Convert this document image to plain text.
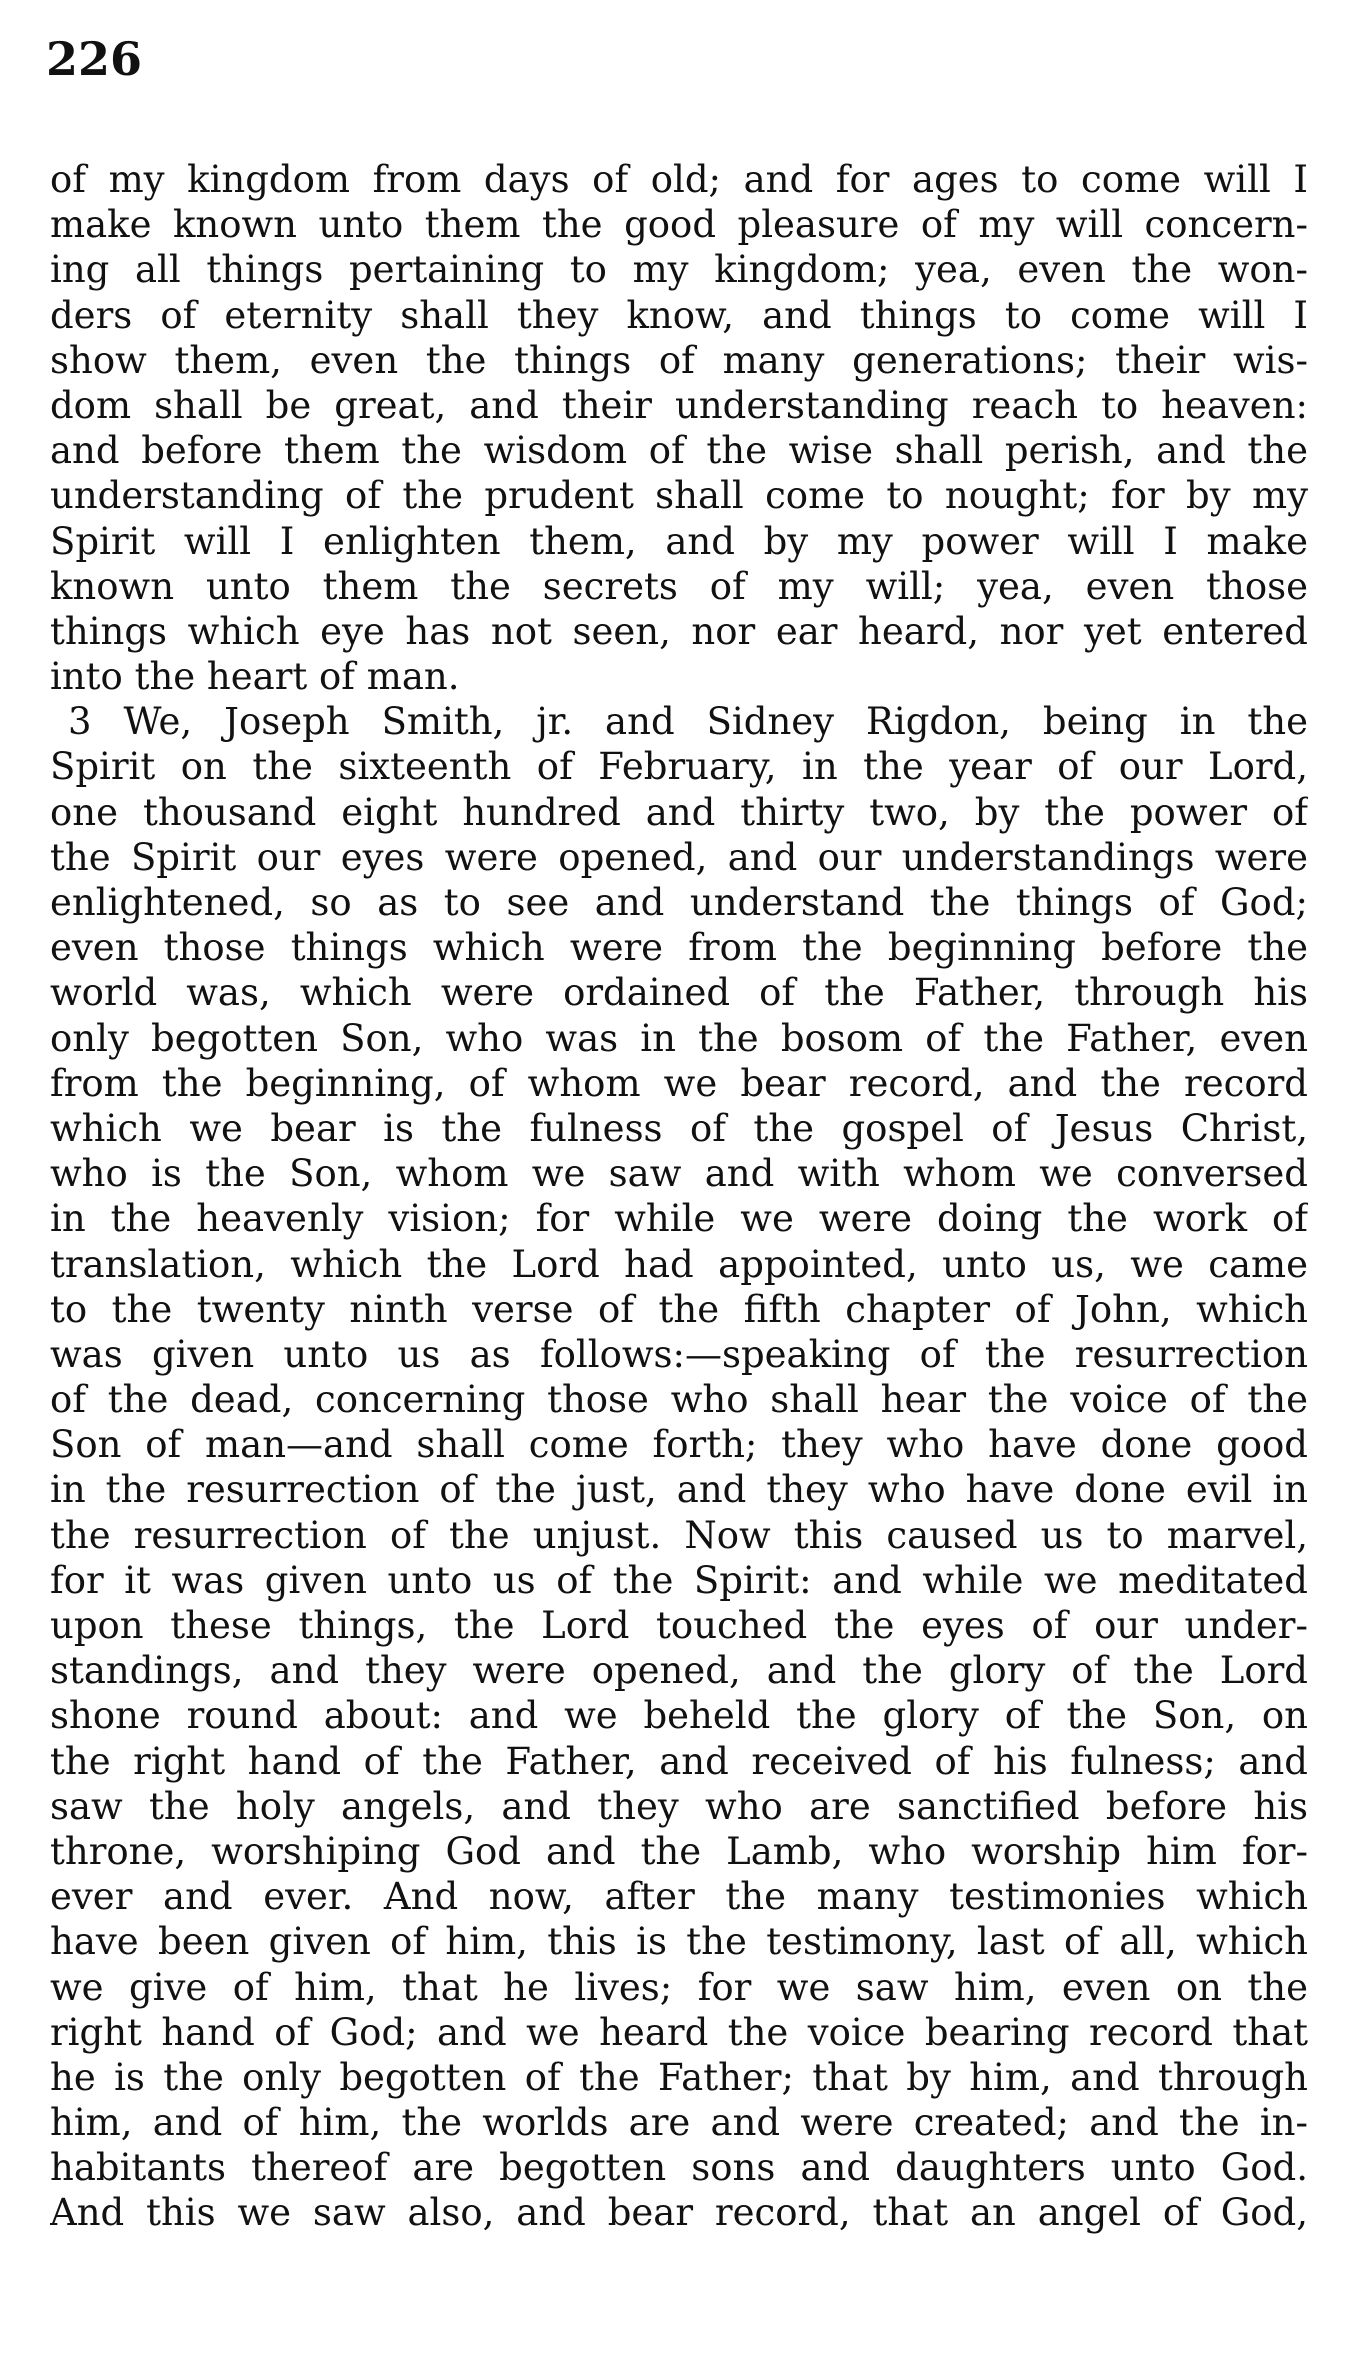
226
of my kingdom from days of old; and for ages to come will I
make known unto them the good pleasure of my will concern-
ing all things pertaining to my kingdom; yea, even the won-
ders of eternity shall they know, and things to come will I
show them, even the things of many generations; their wis-
dom shall be great, and their understanding reach to heaven:
and before them the wisdom of the wise shall perish, and the
understanding of the prudent shall come to nought; for by my
Spirit will I enlighten them, and by my power will I make
known unto them the secrets of my will; yea, even those
things which eye has not seen, nor ear heard, nor yet entered
into the heart of man.
3 We, Joseph Smith, jr. and Sidney Rigdon, being in the
Spirit on the sixteenth of February, in the year of our Lord,
one thousand eight hundred and thirty two, by the power of
the Spirit our eyes were opened, and our understandings were
enlightened, so as to see and understand the things of God;
even those things which were from the beginning before the
world was, which were ordained of the Father, through his
only begotten Son, who was in the bosom of the Father, even
from the beginning, of whom we bear record, and the record
which we bear is the fulness of the gospel of Jesus Christ,
who is the Son, whom we saw and with whom we conversed
in the heavenly vision; for while we were doing the work of
translation, which the Lord had appointed, unto us, we came
to the twenty ninth verse of the fifth chapter of John, which
was given unto us as follows:—speaking of the resurrection
of the dead, concerning those who shall hear the voice of the
Son of man—and shall come forth; they who have done good
in the resurrection of the just, and they who have done evil in
the resurrection of the unjust. Now this caused us to marvel,
for it was given unto us of the Spirit: and while we meditated
upon these things, the Lord touched the eyes of our under-
standings, and they were opened, and the glory of the Lord
shone round about: and we beheld the glory of the Son, on
the right hand of the Father, and received of his fulness; and
saw the holy angels, and they who are sanctified before his
throne, worshiping God and the Lamb, who worship him for-
ever and ever. And now, after the many testimonies which
have been given of him, this is the testimony, last of all, which
we give of him, that he lives; for we saw him, even on the
right hand of God; and we heard the voice bearing record that
he is the only begotten of the Father; that by him, and through
him, and of him, the worlds are and were created; and the in-
habitants thereof are begotten sons and daughters unto God.
And this we saw also, and bear record, that an angel of God,
